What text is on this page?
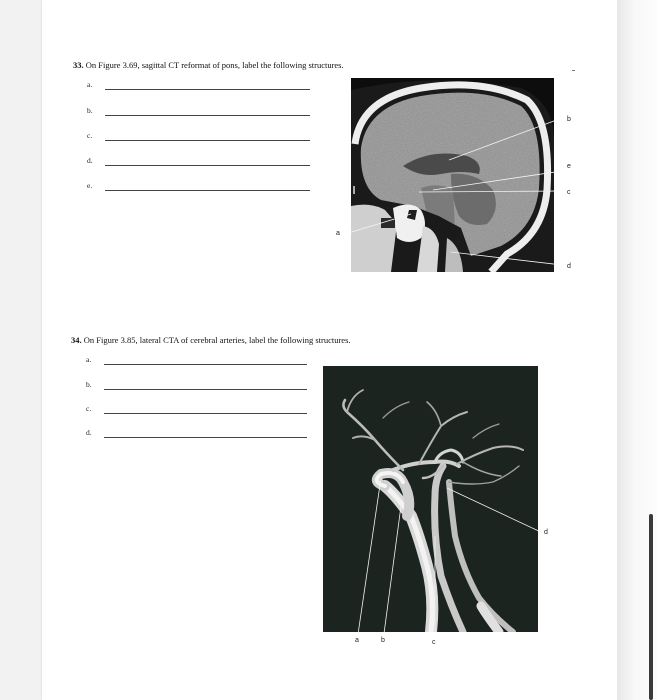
33. On Figure 3.69, sagittal CT reformat of pons, label the following structures.
a.
b.
c.
d.
e.
b
e
c
a
d
34. On Figure 3.85, lateral CTA of cerebral arteries, label the following structures.
a.
b.
c.
d.
d
a	b	c
